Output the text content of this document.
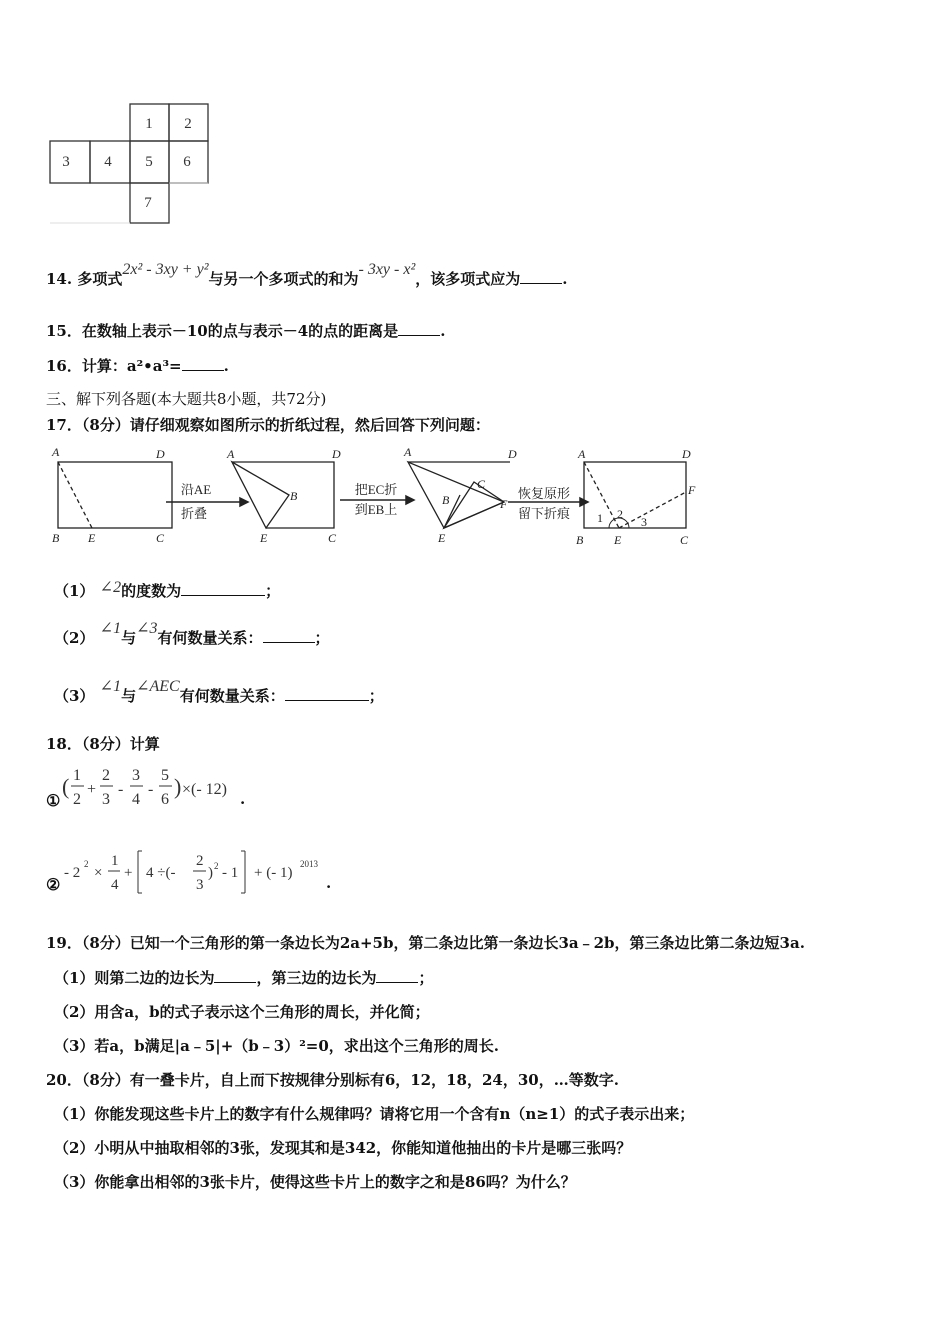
1 2
3 4 5 6
7
14. 多项式2x² - 3xy + y²与另一个多项式的和为- 3xy - x²，该多项式应为	.
15．在数轴上表示－10的点与表示－4的点的距离是	.
16．计算：a²•a³=	.
三、解下列各题(本大题共8小题，共72分)
17．（8分）请仔细观察如图所示的折纸过程，然后回答下列问题：
沿AE
折叠
把EC折
到EB上
恢复原形
留下折痕
A	D
B E	C
A	D
B
E	C
A	D
B
C
E
F
A	D
F
B	E	C
1 2
3
（1） ∠2的度数为	；
（2） ∠1与∠3有何数量关系：	；
（3） ∠1与∠AEC有何数量关系：	；
18．（8分）计算
①
( 1
2
+
2
3
-
3
4
-
5
6
) ×(- 12)
.
②
- 2
2
×
1
4
+ 4 ÷(-
2
3
) 2 - 1 + (- 1)
2013
.
19．（8分）已知一个三角形的第一条边长为2a+5b，第二条边比第一条边长3a﹣2b，第三条边比第二条边短3a.
（1）则第二边的边长为	，第三边的边长为	；
（2）用含a，b的式子表示这个三角形的周长，并化简；
（3）若a，b满足|a﹣5|+（b﹣3）²=0，求出这个三角形的周长.
20．（8分）有一叠卡片，自上而下按规律分别标有6，12，18，24，30，…等数字.
（1）你能发现这些卡片上的数字有什么规律吗？请将它用一个含有n（n≥1）的式子表示出来；
（2）小明从中抽取相邻的3张，发现其和是342，你能知道他抽出的卡片是哪三张吗？
（3）你能拿出相邻的3张卡片，使得这些卡片上的数字之和是86吗？为什么？
